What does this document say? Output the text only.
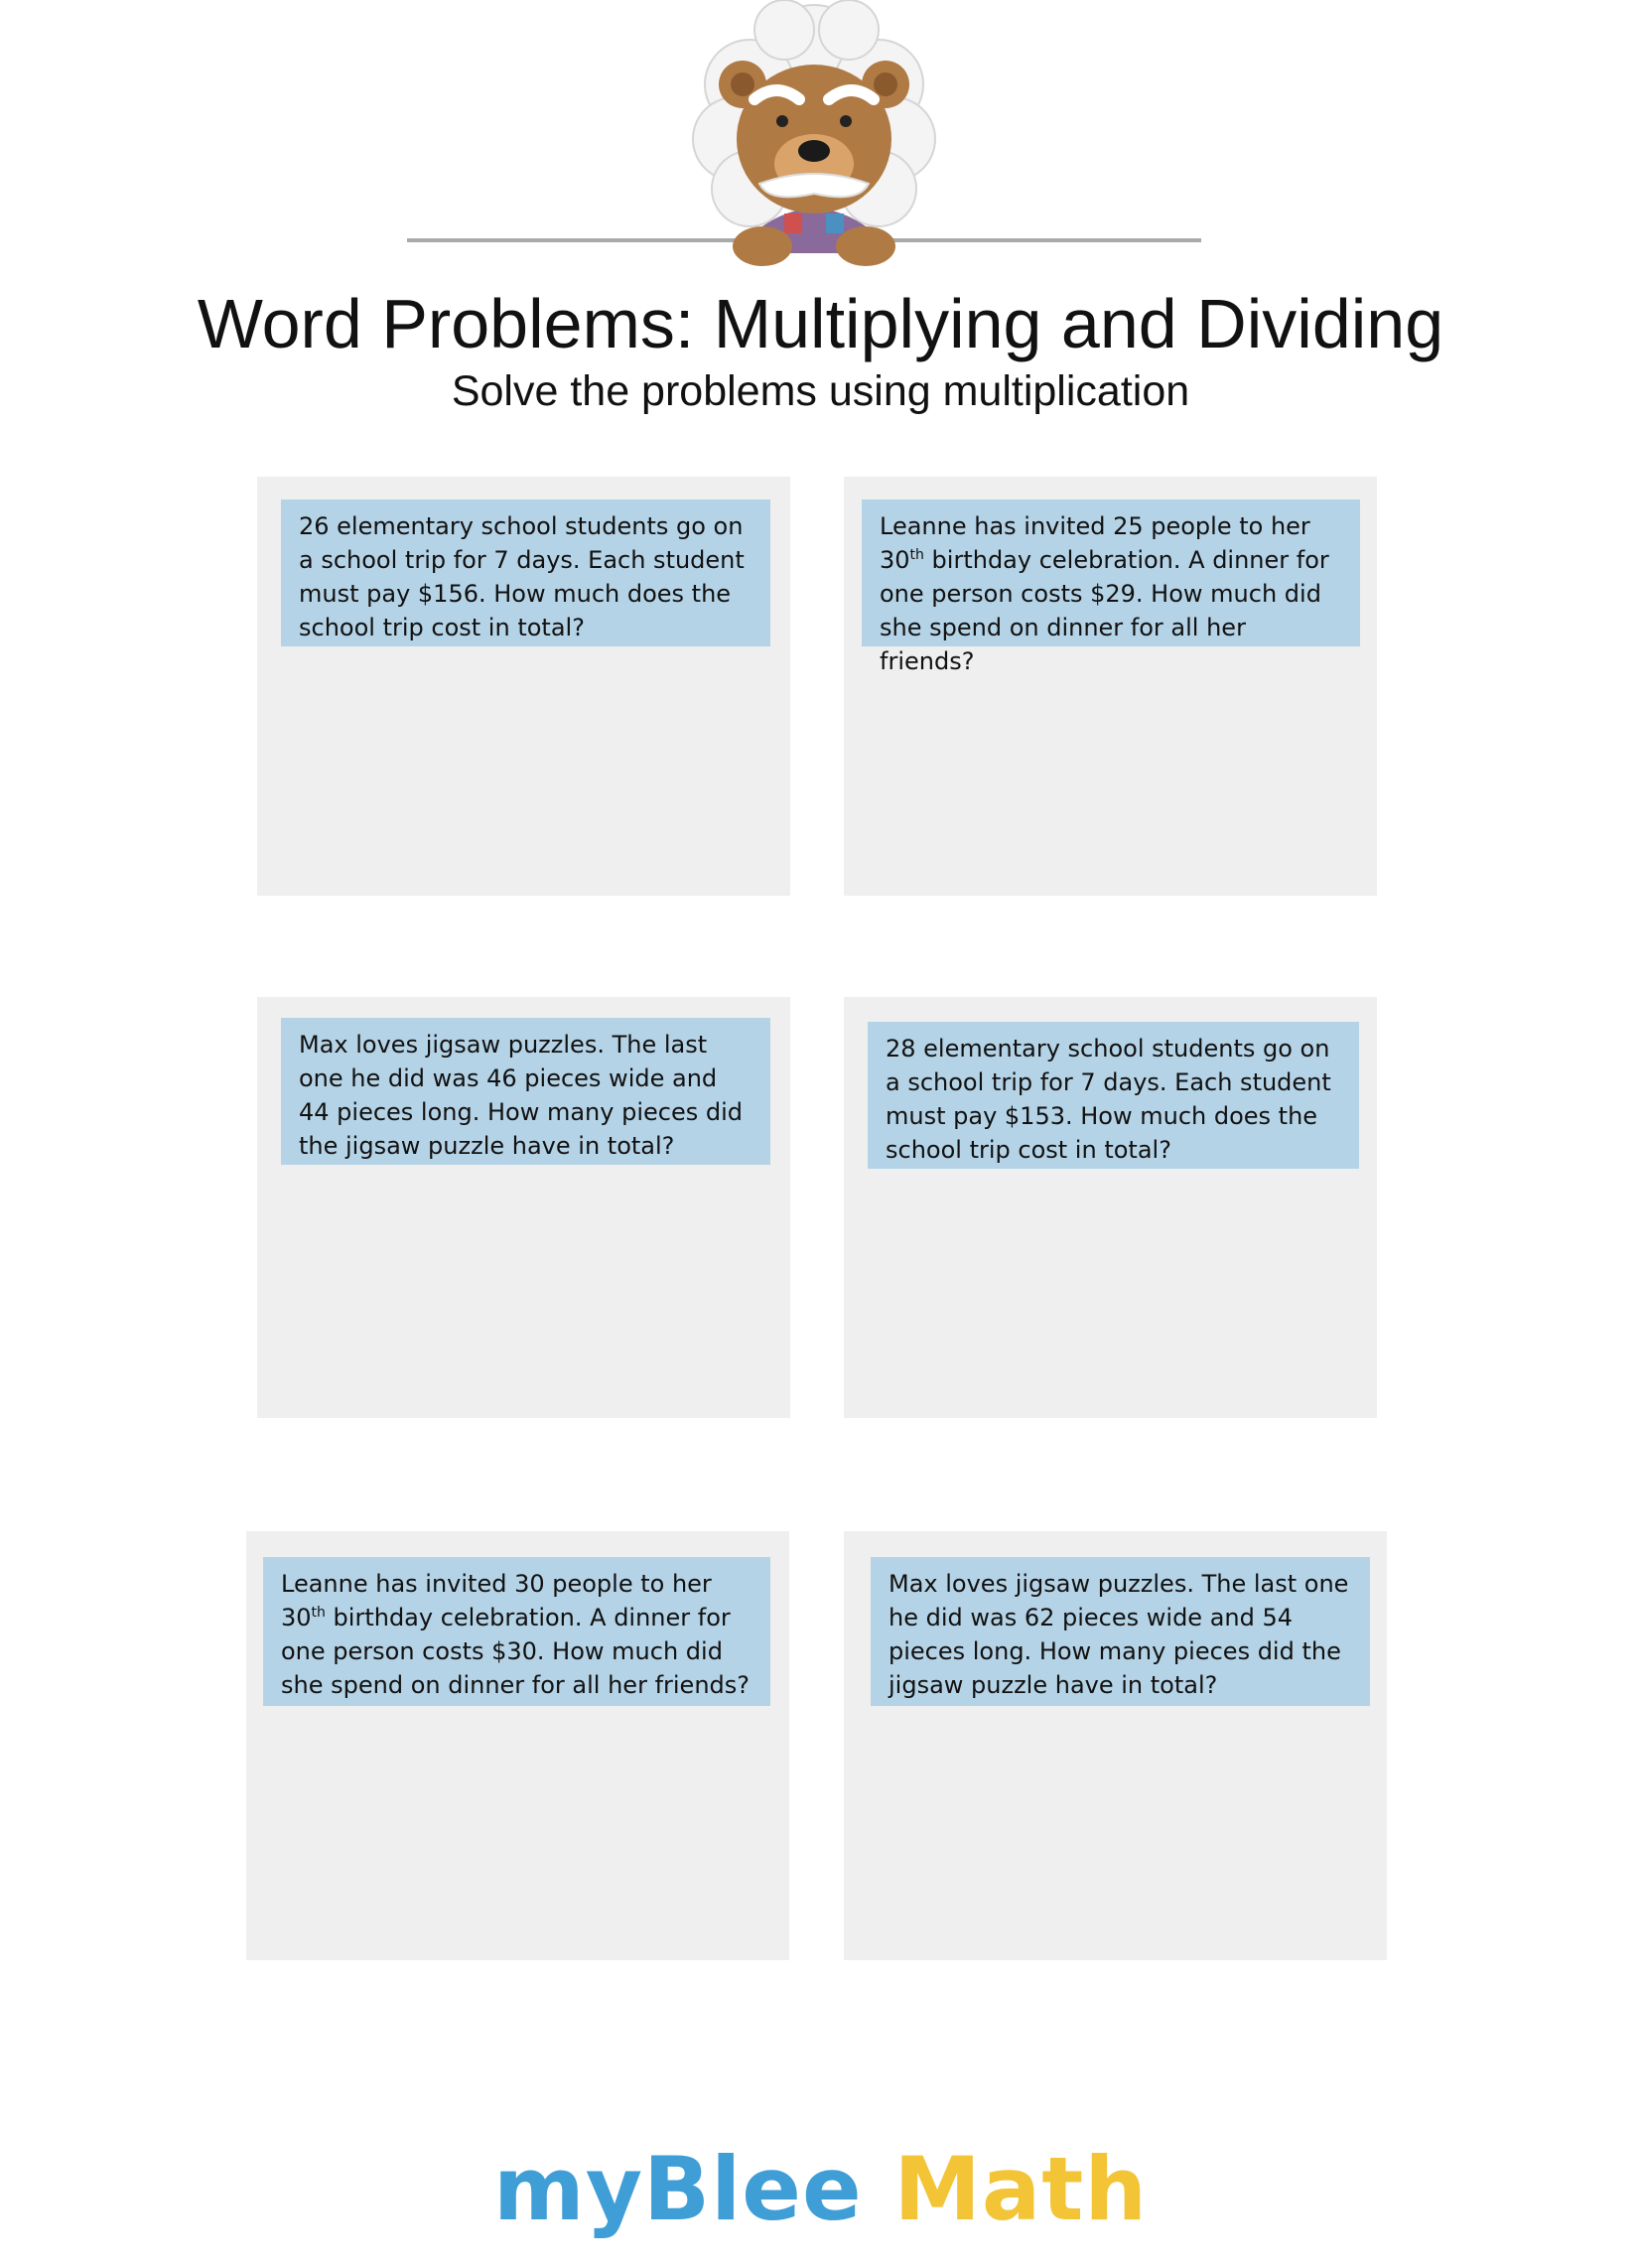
Word Problems: Multiplying and Dividing
Solve the problems using multiplication
26 elementary school students go on a school trip for 7 days. Each student must pay $156. How much does the school trip cost in total?
Leanne has invited 25 people to her 30th birthday celebration. A dinner for one person costs $29. How much did she spend on dinner for all her friends?
Max loves jigsaw puzzles. The last one he did was 46 pieces wide and 44 pieces long. How many pieces did the jigsaw puzzle have in total?
28 elementary school students go on a school trip for 7 days. Each student must pay $153. How much does the school trip cost in total?
Leanne has invited 30 people to her 30th birthday celebration. A dinner for one person costs $30. How much did she spend on dinner for all her friends?
Max loves jigsaw puzzles. The last one he did was 62 pieces wide and 54 pieces long. How many pieces did the jigsaw puzzle have in total?
myBlee Math
